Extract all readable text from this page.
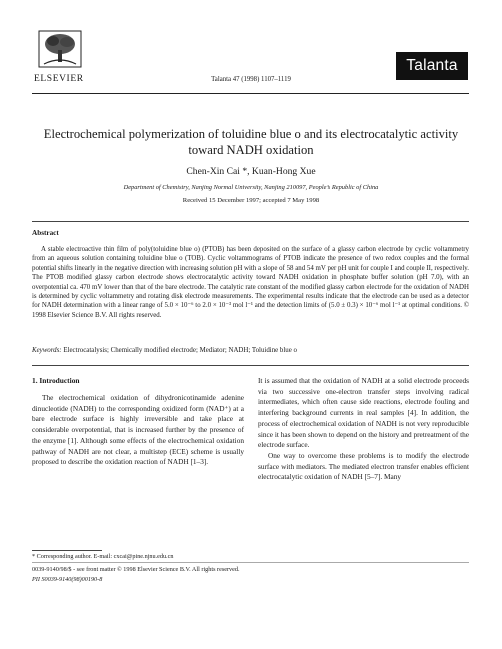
ELSEVIER	Talanta 47 (1998) 1107–1119
Talanta
Electrochemical polymerization of toluidine blue o and its electrocatalytic activity toward NADH oxidation
Chen-Xin Cai *, Kuan-Hong Xue
Department of Chemistry, Nanjing Normal University, Nanjing 210097, People’s Republic of China
Received 15 December 1997; accepted 7 May 1998
Abstract

A stable electroactive thin film of poly(toluidine blue o) (PTOB) has been deposited on the surface of a glassy carbon electrode by cyclic voltammetry from an aqueous solution containing toluidine blue o (TOB). Cyclic voltammograms of PTOB indicate the presence of two redox couples and the formal potential shifts linearly in the negative direction with increasing solution pH with a slope of 58 and 54 mV per pH unit for couple I and couple II, respectively. The PTOB modified glassy carbon electrode shows electrocatalytic activity toward NADH oxidation in phosphate buffer solution (pH 7.0), with an overpotential ca. 470 mV lower than that of the bare electrode. The catalytic rate constant of the modified glassy carbon electrode for the oxidation of NADH is determined by cyclic voltammetry and rotating disk electrode measurements. The experimental results indicate that the electrode can be used as a detector for NADH determination with a linear range of 5.0 × 10⁻⁶ to 2.0 × 10⁻³ mol l⁻¹ and the detection limits of (5.0 ± 0.3) × 10⁻⁶ mol l⁻¹ at optimal conditions. © 1998 Elsevier Science B.V. All rights reserved.

Keywords: Electrocatalysis; Chemically modified electrode; Mediator; NADH; Toluidine blue o
1. Introduction

The electrochemical oxidation of dihydronicotinamide adenine dinucleotide (NADH) to the corresponding oxidized form (NAD⁺) at a bare electrode surface is highly irreversible and take place at considerable overpotential, that is increased further by the presence of the enzyme [1]. Although some effects of the electrochemical oxidation pathway of NADH are not clear, a multistep (ECE) scheme is usually proposed to describe the oxidation reaction of NADH [1–3].

It is assumed that the oxidation of NADH at a solid electrode proceeds via two successive one-electron transfer steps involving radical intermediates, which often cause side reactions, electrode fouling and interfering background currents in real samples [4]. In addition, the process of electrochemical oxidation of NADH is not very reproducible since it has been shown to depend on the history and pretreatment of the electrode surface.

One way to overcome these problems is to modify the electrode surface with mediators. The mediated electron transfer enables efficient electrocatalytic oxidation of NADH [5–7]. Many

* Corresponding author. E-mail: cxcai@pine.njnu.edu.cn
0039-9140/98/$ - see front matter © 1998 Elsevier Science B.V. All rights reserved.
PII S0039-9140(98)00190-8
